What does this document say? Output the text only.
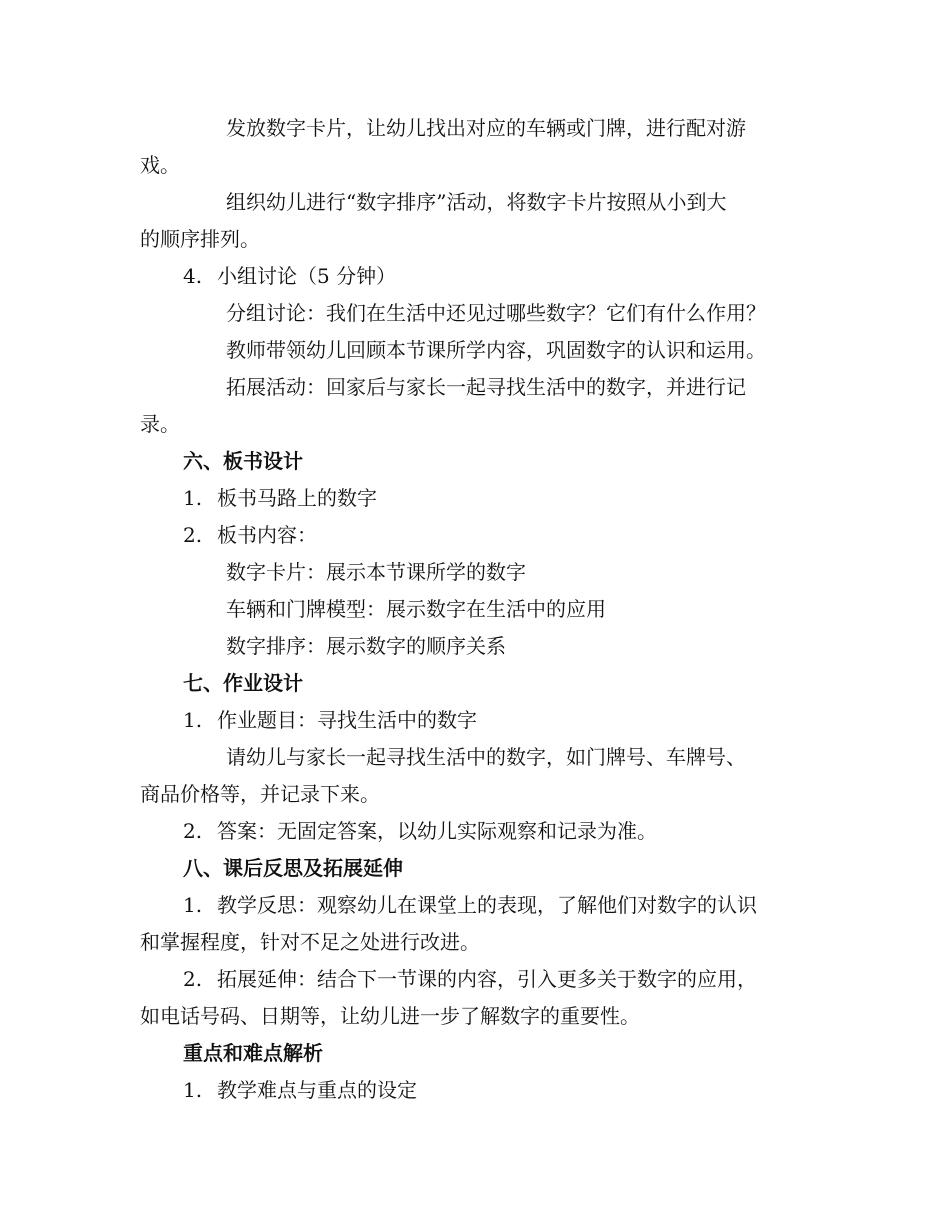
发放数字卡片，让幼儿找出对应的车辆或门牌，进行配对游
戏。
组织幼儿进行“数字排序”活动，将数字卡片按照从小到大
的顺序排列。
4. 小组讨论（5 分钟）
分组讨论：我们在生活中还见过哪些数字？它们有什么作用？
教师带领幼儿回顾本节课所学内容，巩固数字的认识和运用。
拓展活动：回家后与家长一起寻找生活中的数字，并进行记
录。
六、板书设计
1. 板书马路上的数字
2. 板书内容：
数字卡片：展示本节课所学的数字
车辆和门牌模型：展示数字在生活中的应用
数字排序：展示数字的顺序关系
七、作业设计
1. 作业题目：寻找生活中的数字
请幼儿与家长一起寻找生活中的数字，如门牌号、车牌号、
商品价格等，并记录下来。
2. 答案：无固定答案，以幼儿实际观察和记录为准。
八、课后反思及拓展延伸
1. 教学反思：观察幼儿在课堂上的表现，了解他们对数字的认识
和掌握程度，针对不足之处进行改进。
2. 拓展延伸：结合下一节课的内容，引入更多关于数字的应用，
如电话号码、日期等，让幼儿进一步了解数字的重要性。
重点和难点解析
1. 教学难点与重点的设定
